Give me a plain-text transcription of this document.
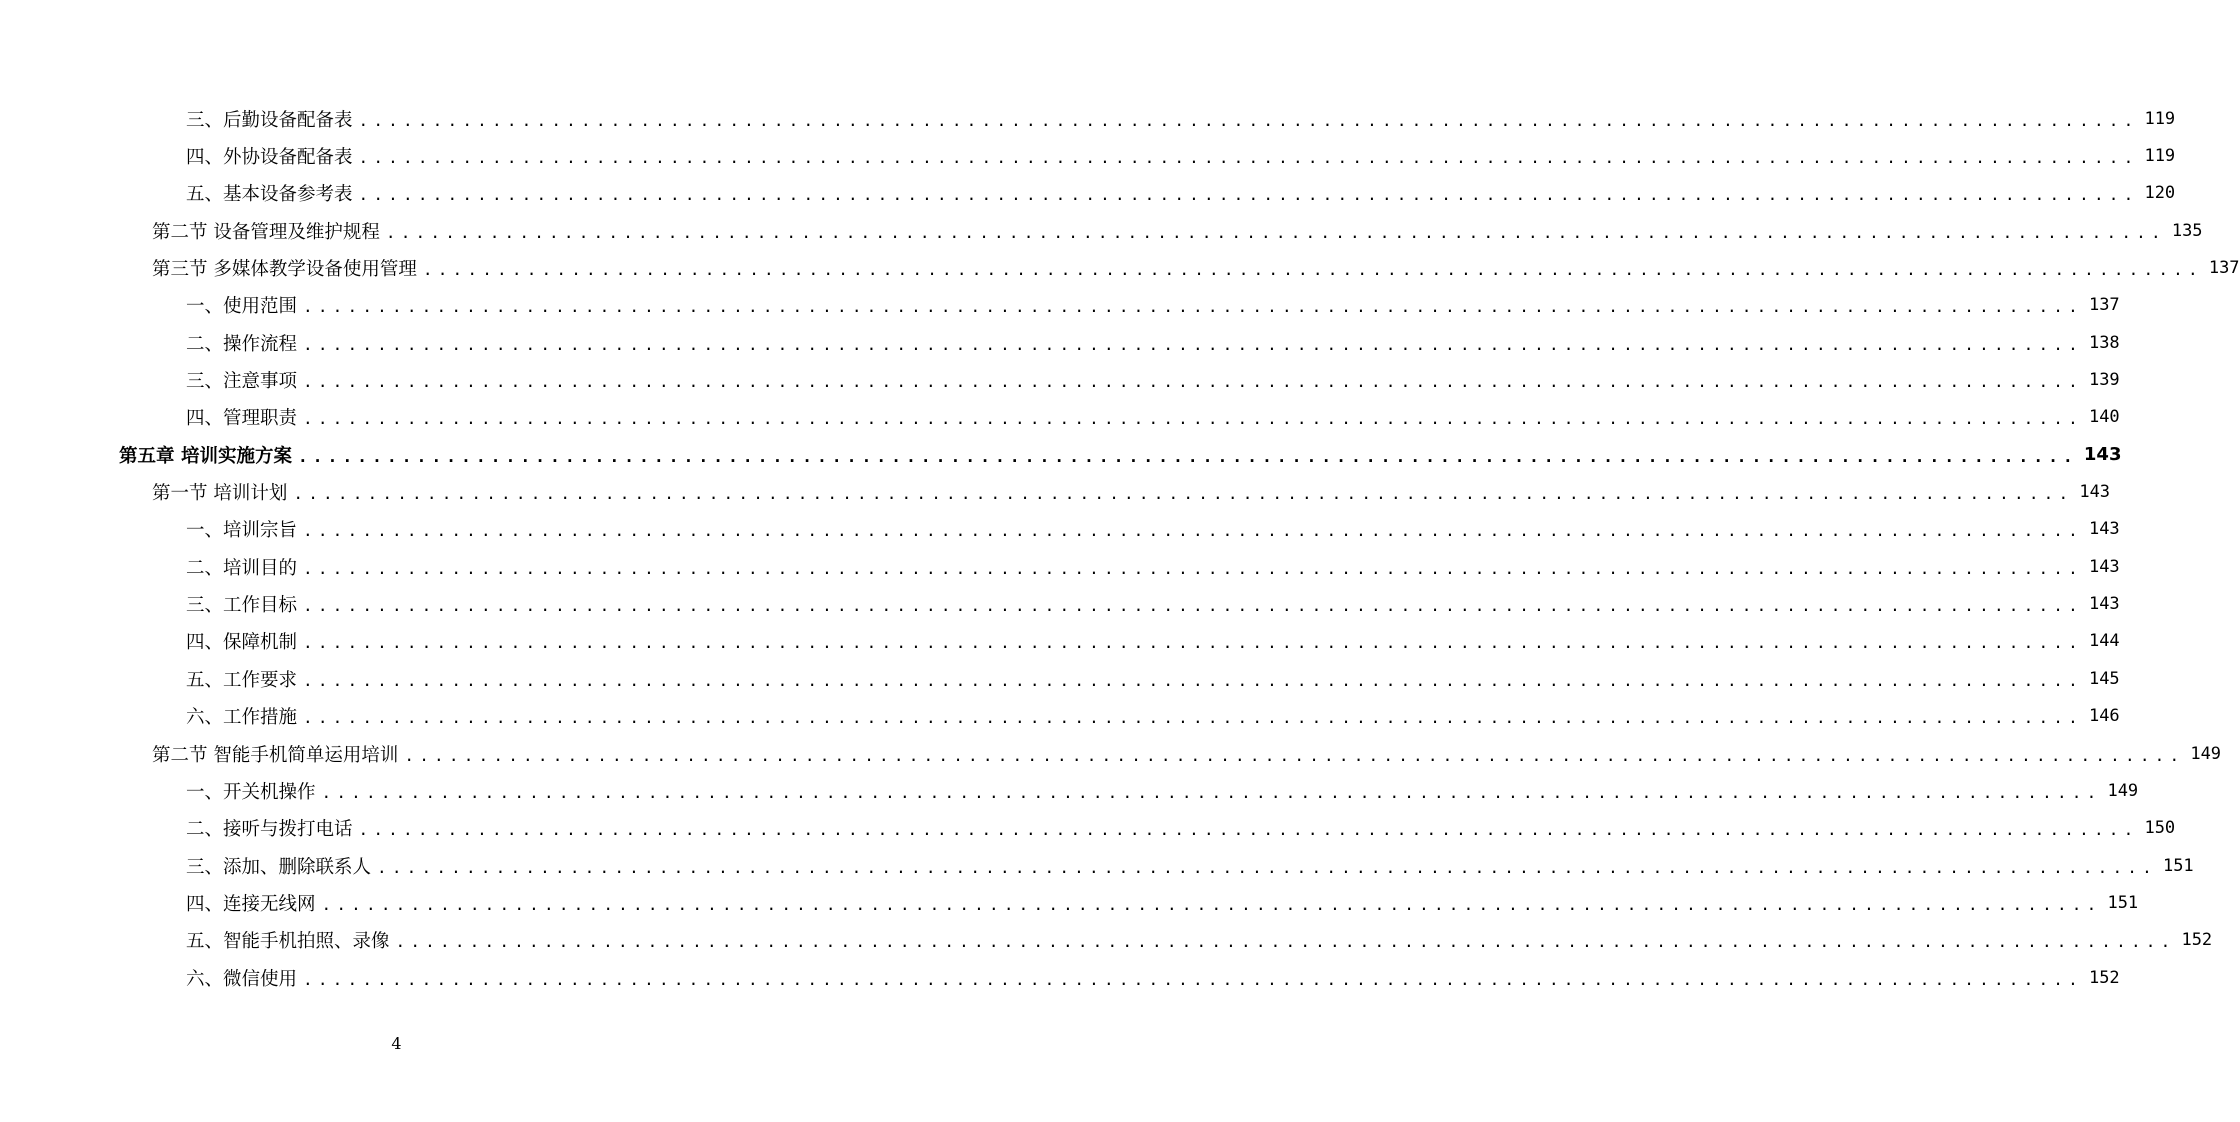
三、后勤设备配备表 ........................................................................................................................ 119
四、外协设备配备表 ........................................................................................................................ 119
五、基本设备参考表 ........................................................................................................................ 120
第二节 设备管理及维护规程 ........................................................................................................................ 135
第三节 多媒体教学设备使用管理 ........................................................................................................................ 137
一、使用范围 ........................................................................................................................ 137
二、操作流程 ........................................................................................................................ 138
三、注意事项 ........................................................................................................................ 139
四、管理职责 ........................................................................................................................ 140
第五章 培训实施方案 ........................................................................................................................ 143
第一节 培训计划 ........................................................................................................................ 143
一、培训宗旨 ........................................................................................................................ 143
二、培训目的 ........................................................................................................................ 143
三、工作目标 ........................................................................................................................ 143
四、保障机制 ........................................................................................................................ 144
五、工作要求 ........................................................................................................................ 145
六、工作措施 ........................................................................................................................ 146
第二节 智能手机简单运用培训 ........................................................................................................................ 149
一、开关机操作 ........................................................................................................................ 149
二、接听与拨打电话 ........................................................................................................................ 150
三、添加、删除联系人 ........................................................................................................................ 151
四、连接无线网 ........................................................................................................................ 151
五、智能手机拍照、录像 ........................................................................................................................ 152
六、微信使用 ........................................................................................................................ 152
4
